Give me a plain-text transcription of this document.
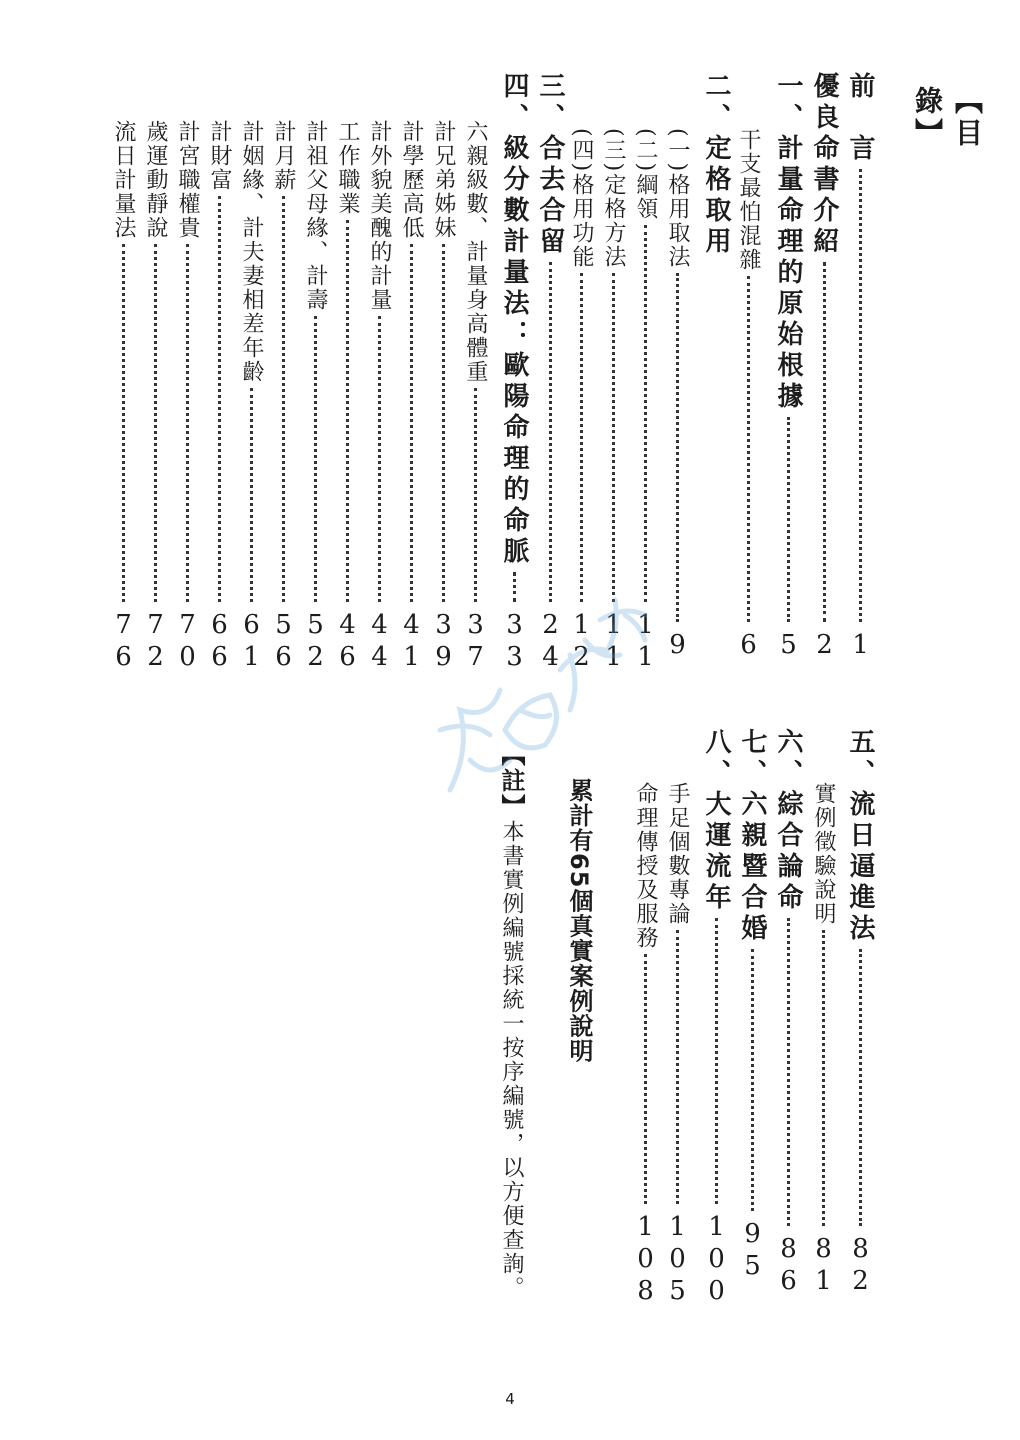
【目
錄】
前　言
1
優良命書介紹
2
一、計量命理的原始根據
5
干支最怕混雜
6
二、定格取用
(一)格用取法
9
(二)綱領
11
(三)定格方法
11
(四)格用功能
12
三、合去合留
24
四、級分數計量法：歐陽命理的命脈
33
六親級數、計量身高體重
37
計兄弟姊妹
39
計學歷高低
41
計外貌美醜的計量
44
工作職業
46
計祖父母緣、計壽
52
計月薪
56
計姻緣、計夫妻相差年齡
61
計財富
66
計宮職權貴
70
歲運動靜說
72
流日計量法
76
五、流日逼進法
82
實例徵驗說明
81
六、綜合論命
86
七、六親暨合婚
95
八、大運流年
100
手足個數專論
105
命理傳授及服務
108
累計有65個真實案例說明
【註】本書實例編號採統一按序編號，以方便查詢。
4
